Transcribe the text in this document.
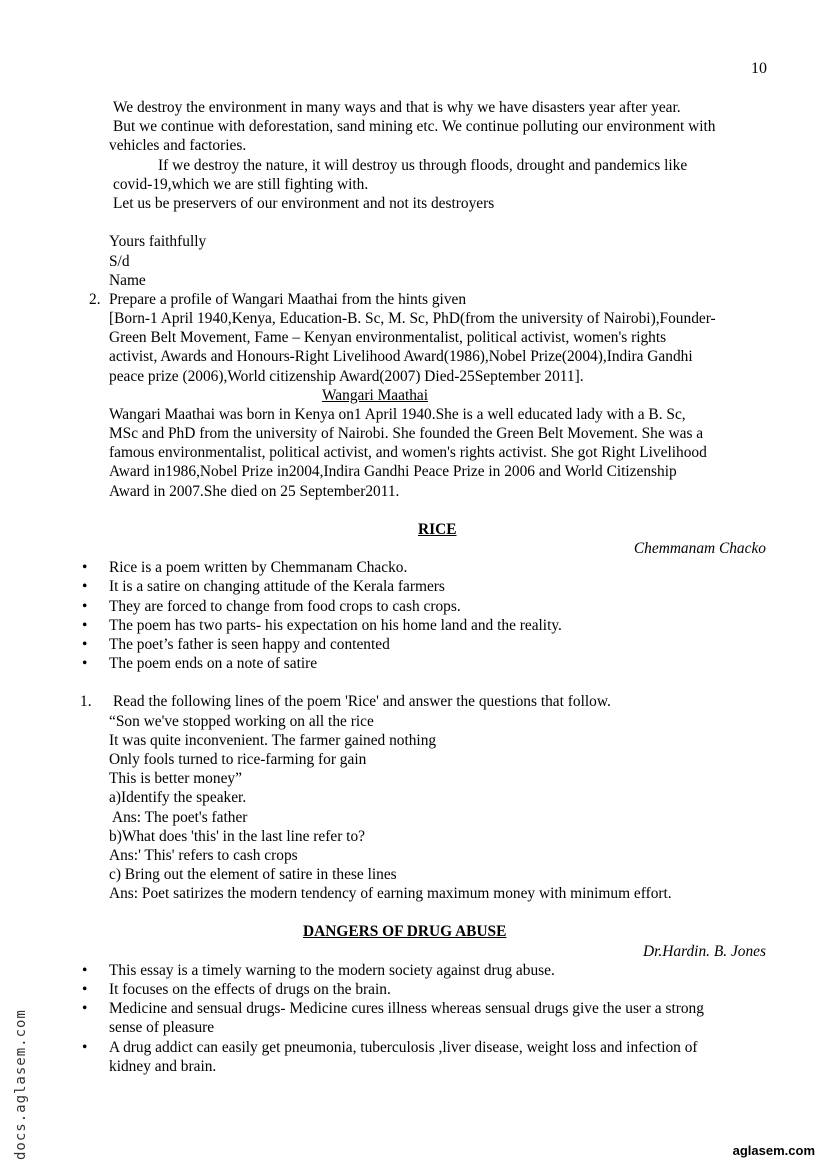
10
We destroy the environment in many ways and that is why we have disasters year after year.
But we continue with deforestation, sand mining etc. We continue polluting our environment with
vehicles and factories.
If we destroy the nature, it will destroy us through floods, drought and pandemics like
covid-19,which we are still fighting with.
Let us be preservers of our environment and not its destroyers
Yours faithfully
S/d
Name
2. Prepare a profile of Wangari Maathai from the hints given
[Born-1 April 1940,Kenya, Education-B. Sc, M. Sc, PhD(from the university of Nairobi),Founder-
Green Belt Movement, Fame – Kenyan environmentalist, political activist, women's rights
activist, Awards and Honours-Right Livelihood Award(1986),Nobel Prize(2004),Indira Gandhi
peace prize (2006),World citizenship Award(2007) Died-25September 2011].
Wangari Maathai
Wangari Maathai was born in Kenya on1 April 1940.She is a well educated lady with a B. Sc,
MSc and PhD from the university of Nairobi. She founded the Green Belt Movement. She was a
famous environmentalist, political activist, and women's rights activist. She got Right Livelihood
Award in1986,Nobel Prize in2004,Indira Gandhi Peace Prize in 2006 and World Citizenship
Award in 2007.She died on 25 September2011.
RICE
Chemmanam Chacko
• Rice is a poem written by Chemmanam Chacko.
• It is a satire on changing attitude of the Kerala farmers
• They are forced to change from food crops to cash crops.
• The poem has two parts- his expectation on his home land and the reality.
• The poet’s father is seen happy and contented
• The poem ends on a note of satire
1. Read the following lines of the poem 'Rice' and answer the questions that follow.
“Son we've stopped working on all the rice
It was quite inconvenient. The farmer gained nothing
Only fools turned to rice-farming for gain
This is better money”
a)Identify the speaker.
Ans: The poet's father
b)What does 'this' in the last line refer to?
Ans:' This' refers to cash crops
c) Bring out the element of satire in these lines
Ans: Poet satirizes the modern tendency of earning maximum money with minimum effort.
DANGERS OF DRUG ABUSE
Dr.Hardin. B. Jones
• This essay is a timely warning to the modern society against drug abuse.
• It focuses on the effects of drugs on the brain.
• Medicine and sensual drugs- Medicine cures illness whereas sensual drugs give the user a strong
sense of pleasure
• A drug addict can easily get pneumonia, tuberculosis ,liver disease, weight loss and infection of
kidney and brain.
docs.aglasem.com	aglasem.com
